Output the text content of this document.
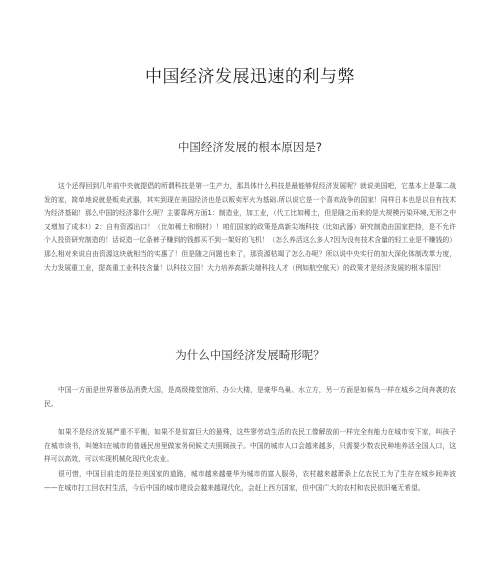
中国经济发展迅速的利与弊
中国经济发展的根本原因是?

这个还得回到几年前中央就提倡的所谓科技是第一生产力，那具体什么科技是最能够促经济发展呢？就说美国吧，它基本上是靠二战发的家，简单地说就是贩卖武器，其实到现在美国经济也是以贩卖军火为基础.所以说它是一个喜欢战争的国家！同样日本也是以自有技术为经济基础！那么中国的经济靠什么呢？主要靠两方面1：制造业，加工业，（代工比如稀土，但是随之而来的是大规模污染环境,无形之中又增加了成本!）2：自有资源出口！（比如稀土和钢材）！咱们国家的政策是高新尖端科技（比如武器）研究制造由国家把持，是不允许个人投资研究制造的！话说造一亿条裤子赚到的钱都买不到一架好的飞机！（怎么养活这么多人?因为没有技术含量的轻工业是不赚钱的）那么相对来说自由资源这块就相当的实惠了！但是随之问题也来了，那资源枯竭了怎么办呢？所以说中央实行的加大深化体制改革力度，大力发展重工业，提高重工业科技含量！以科技立国！大力培养高新尖端科技人才（例如航空航天）的政策才是经济发展的根本原因！

为什么中国经济发展畸形呢？

中国一方面是世界奢侈品消费大国，是高级楼堂馆所、办公大楼，是豪华鸟巢、水立方，另一方面是如候鸟一样在城乡之间奔袭的农民。

如果不是经济发展严重不平衡，如果不是贫富巨大的悬殊，这些寥劳动生活的农民工像解放前一样完全有能力在城市安下家，叫孩子在城市读书，叫媳妇在城市的普通民房里做家务伺候丈夫照顾孩子。中国的城市人口会越来越多，只需要少数农民种地养活全国人口，这样可以高效，可以实现机械化现代化农业。

很可惜，中国目前走的是拉美国家的道路，城市越来越豪华为城市的富人服务，农村越来越萧条上亿农民工为了生存在城乡间奔波——在城市打工回农村生活，今后中国的城市建设会越来越现代化，会赶上西方国家，但中国广大的农村和农民依旧毫无希望。
